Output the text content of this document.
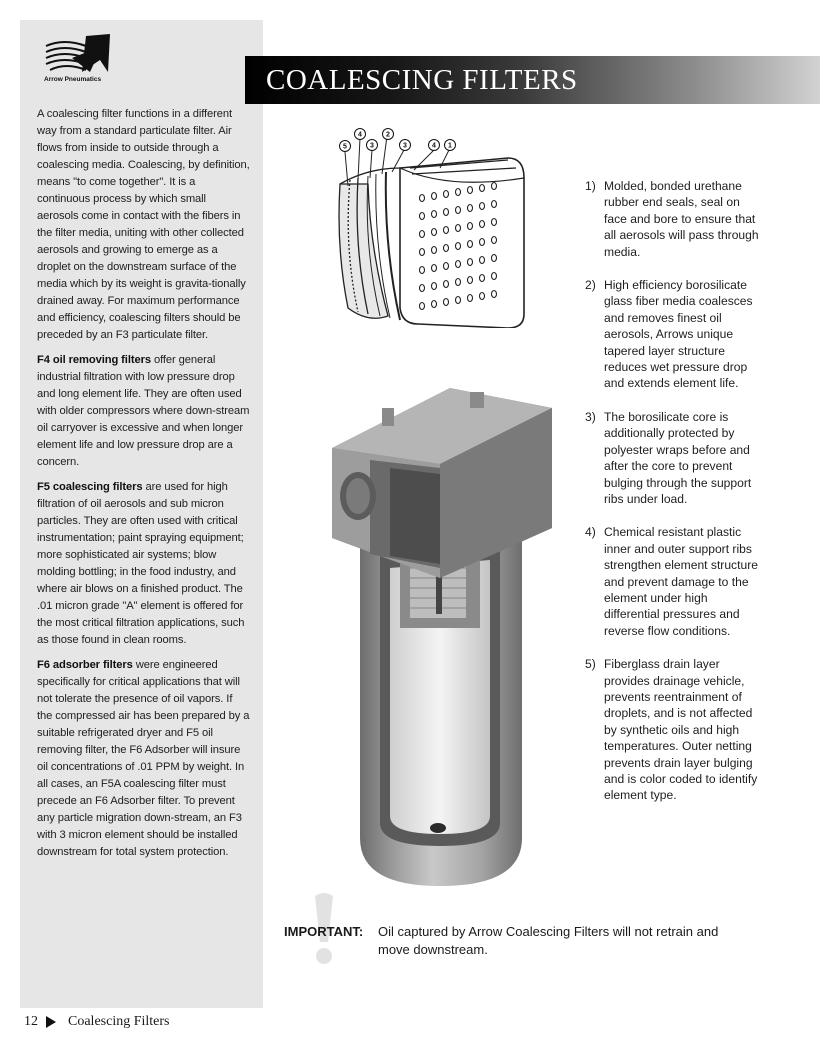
Arrow Pneumatics

A coalescing filter functions in a different way from a standard particulate filter. Air flows from inside to outside through a coalescing media. Coalescing, by definition, means "to come together". It is a continuous process by which small aerosols come in contact with the fibers in the filter media, uniting with other collected aerosols and growing to emerge as a droplet on the downstream surface of the media which by its weight is gravita-tionally drained away. For maximum performance and efficiency, coalescing filters should be preceded by an F3 particulate filter.

F4 oil removing filters offer general industrial filtration with low pressure drop and long element life. They are often used with older compressors where down-stream oil carryover is excessive and when longer element life and low pressure drop are a concern.

F5 coalescing filters are used for high filtration of oil aerosols and sub micron particles. They are often used with critical instrumentation; paint spraying equipment; more sophisticated air systems; blow molding bottling; in the food industry, and where air blows on a finished product. The .01 micron grade "A" element is offered for the most critical filtration applications, such as those found in clean rooms.

F6 adsorber filters were engineered specifically for critical applications that will not tolerate the presence of oil vapors. If the compressed air has been prepared by a suitable refrigerated dryer and F5 oil removing filter, the F6 Adsorber will insure oil concentrations of .01 PPM by weight. In all cases, an F5A coalescing filter must precede an F6 Adsorber filter. To prevent any particle migration down-stream, an F3 with 3 micron element should be installed downstream for total system protection.

COALESCING FILTERS
5
4
3
2
3	4 1
1) Molded, bonded urethane rubber end seals, seal on face and bore to ensure that all aerosols will pass through media.
2) High efficiency borosilicate glass fiber media coalesces and removes finest oil aerosols, Arrows unique tapered layer structure reduces wet pressure drop and extends element life.
3) The borosilicate core is additionally protected by polyester wraps before and after the core to prevent bulging through the support ribs under load.
4) Chemical resistant plastic inner and outer support ribs strengthen element structure and prevent damage to the element under high differential pressures and reverse flow conditions.
5) Fiberglass drain layer provides drainage vehicle, prevents reentrainment of droplets, and is not affected by synthetic oils and high temperatures. Outer netting prevents drain layer bulging and is color coded to identify element type.
IMPORTANT: Oil captured by Arrow Coalescing Filters will not retrain and move downstream.
12 Coalescing Filters
